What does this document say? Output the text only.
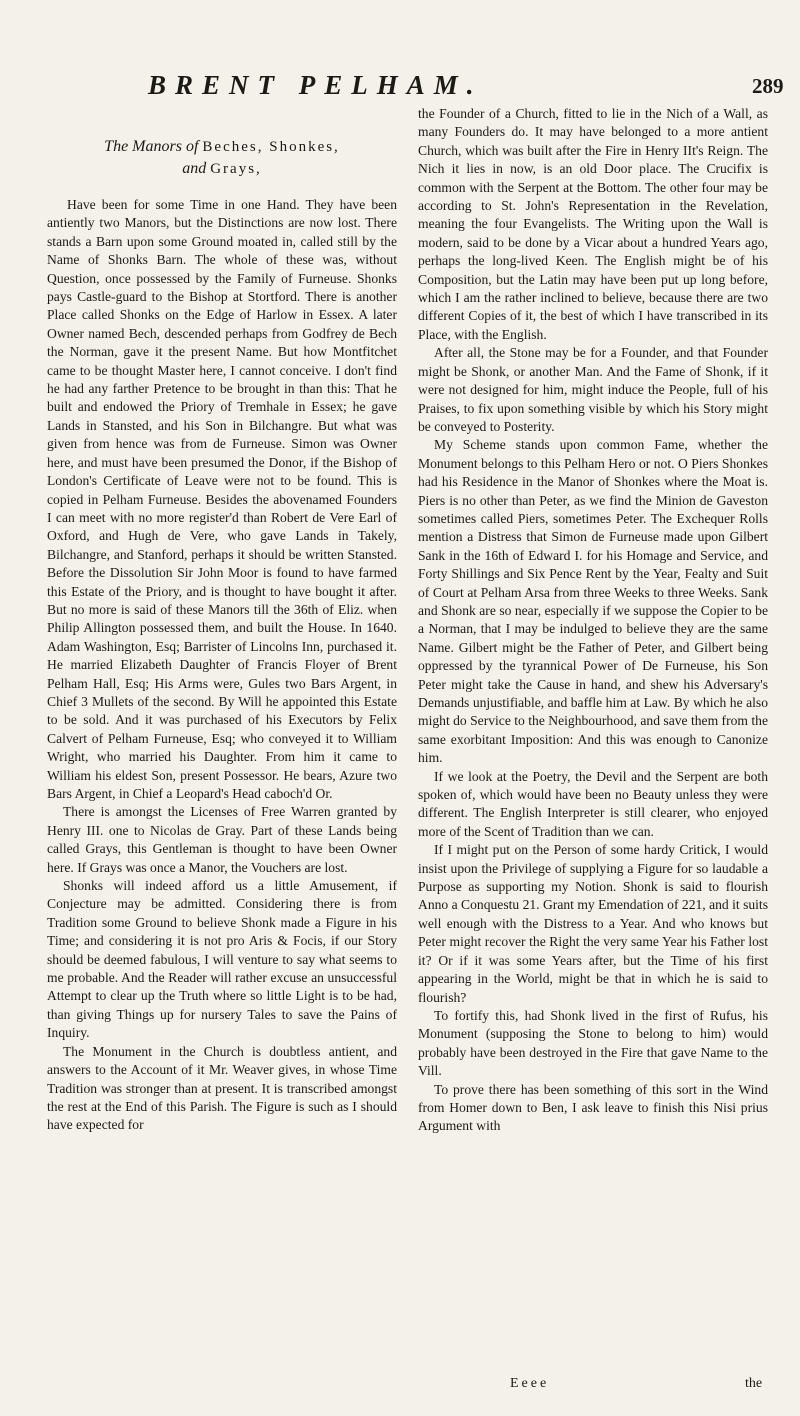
BRENT PELHAM.	289
The Manors of Beches, Shonkes,
and Grays,

Have been for some Time in one Hand. They have been antiently two Manors, but the Distinctions are now lost. There stands a Barn upon some Ground moated in, called still by the Name of Shonks Barn. The whole of these was, without Question, once possessed by the Family of Furneuse. Shonks pays Castle-guard to the Bishop at Stortford. There is another Place called Shonks on the Edge of Harlow in Essex. A later Owner named Bech, descended perhaps from Godfrey de Bech the Norman, gave it the present Name. But how Montfitchet came to be thought Master here, I cannot conceive. I don't find he had any farther Pretence to be brought in than this: That he built and endowed the Priory of Tremhale in Essex; he gave Lands in Stansted, and his Son in Bilchangre. But what was given from hence was from de Furneuse. Simon was Owner here, and must have been presumed the Donor, if the Bishop of London's Certificate of Leave were not to be found. This is copied in Pelham Furneuse. Besides the abovenamed Founders I can meet with no more register'd than Robert de Vere Earl of Oxford, and Hugh de Vere, who gave Lands in Takely, Bilchangre, and Stanford, perhaps it should be written Stansted. Before the Dissolution Sir John Moor is found to have farmed this Estate of the Priory, and is thought to have bought it after. But no more is said of these Manors till the 36th of Eliz. when Philip Allington possessed them, and built the House. In 1640. Adam Washington, Esq; Barrister of Lincolns Inn, purchased it. He married Elizabeth Daughter of Francis Floyer of Brent Pelham Hall, Esq; His Arms were, Gules two Bars Argent, in Chief 3 Mullets of the second. By Will he appointed this Estate to be sold. And it was purchased of his Executors by Felix Calvert of Pelham Furneuse, Esq; who conveyed it to William Wright, who married his Daughter. From him it came to William his eldest Son, present Possessor. He bears, Azure two Bars Argent, in Chief a Leopard's Head caboch'd Or.

There is amongst the Licenses of Free Warren granted by Henry III. one to Nicolas de Gray. Part of these Lands being called Grays, this Gentleman is thought to have been Owner here. If Grays was once a Manor, the Vouchers are lost.

Shonks will indeed afford us a little Amusement, if Conjecture may be admitted. Considering there is from Tradition some Ground to believe Shonk made a Figure in his Time; and considering it is not pro Aris & Focis, if our Story should be deemed fabulous, I will venture to say what seems to me probable. And the Reader will rather excuse an unsuccessful Attempt to clear up the Truth where so little Light is to be had, than giving Things up for nursery Tales to save the Pains of Inquiry.

The Monument in the Church is doubtless antient, and answers to the Account of it Mr. Weaver gives, in whose Time Tradition was stronger than at present. It is transcribed amongst the rest at the End of this Parish. The Figure is such as I should have expected for

the Founder of a Church, fitted to lie in the Nich of a Wall, as many Founders do. It may have belonged to a more antient Church, which was built after the Fire in Henry IIt's Reign. The Nich it lies in now, is an old Door place. The Crucifix is common with the Serpent at the Bottom. The other four may be according to St. John's Representation in the Revelation, meaning the four Evangelists. The Writing upon the Wall is modern, said to be done by a Vicar about a hundred Years ago, perhaps the long-lived Keen. The English might be of his Composition, but the Latin may have been put up long before, which I am the rather inclined to believe, because there are two different Copies of it, the best of which I have transcribed in its Place, with the English.

After all, the Stone may be for a Founder, and that Founder might be Shonk, or another Man. And the Fame of Shonk, if it were not designed for him, might induce the People, full of his Praises, to fix upon something visible by which his Story might be conveyed to Posterity.

My Scheme stands upon common Fame, whether the Monument belongs to this Pelham Hero or not. O Piers Shonkes had his Residence in the Manor of Shonkes where the Moat is. Piers is no other than Peter, as we find the Minion de Gaveston sometimes called Piers, sometimes Peter. The Exchequer Rolls mention a Distress that Simon de Furneuse made upon Gilbert Sank in the 16th of Edward I. for his Homage and Service, and Forty Shillings and Six Pence Rent by the Year, Fealty and Suit of Court at Pelham Arsa from three Weeks to three Weeks. Sank and Shonk are so near, especially if we suppose the Copier to be a Norman, that I may be indulged to believe they are the same Name. Gilbert might be the Father of Peter, and Gilbert being oppressed by the tyrannical Power of De Furneuse, his Son Peter might take the Cause in hand, and shew his Adversary's Demands unjustifiable, and baffle him at Law. By which he also might do Service to the Neighbourhood, and save them from the same exorbitant Imposition: And this was enough to Canonize him.

If we look at the Poetry, the Devil and the Serpent are both spoken of, which would have been no Beauty unless they were different. The English Interpreter is still clearer, who enjoyed more of the Scent of Tradition than we can.

If I might put on the Person of some hardy Critick, I would insist upon the Privilege of supplying a Figure for so laudable a Purpose as supporting my Notion. Shonk is said to flourish Anno a Conquestu 21. Grant my Emendation of 221, and it suits well enough with the Distress to a Year. And who knows but Peter might recover the Right the very same Year his Father lost it? Or if it was some Years after, but the Time of his first appearing in the World, might be that in which he is said to flourish?

To fortify this, had Shonk lived in the first of Rufus, his Monument (supposing the Stone to belong to him) would probably have been destroyed in the Fire that gave Name to the Vill.

To prove there has been something of this sort in the Wind from Homer down to Ben, I ask leave to finish this Nisi prius Argument with

Eeee	the
